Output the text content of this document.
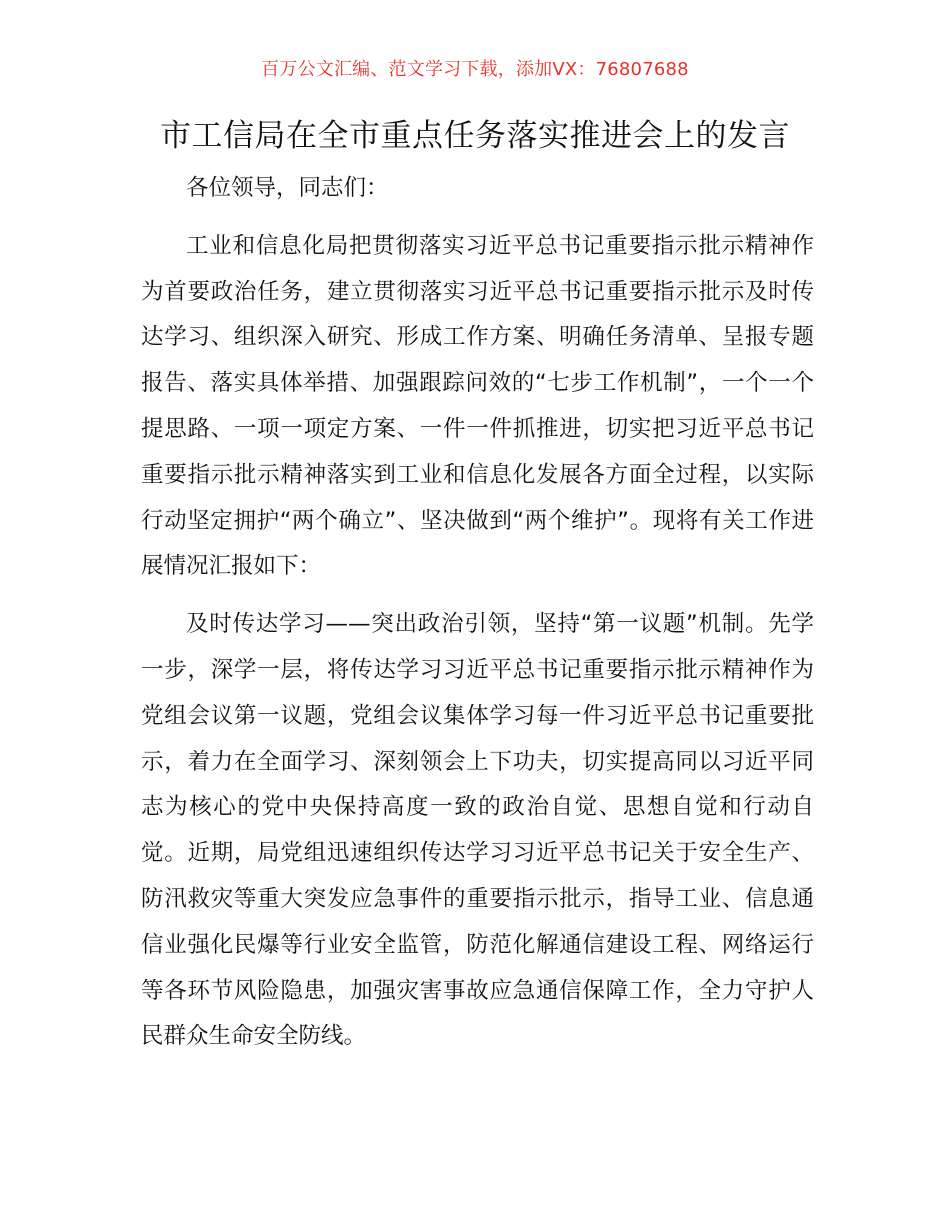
百万公文汇编、范文学习下载，添加VX：76807688
市工信局在全市重点任务落实推进会上的发言

各位领导，同志们：

工业和信息化局把贯彻落实习近平总书记重要指示批示精神作为首要政治任务，建立贯彻落实习近平总书记重要指示批示及时传达学习、组织深入研究、形成工作方案、明确任务清单、呈报专题报告、落实具体举措、加强跟踪问效的“七步工作机制”，一个一个提思路、一项一项定方案、一件一件抓推进，切实把习近平总书记重要指示批示精神落实到工业和信息化发展各方面全过程，以实际行动坚定拥护“两个确立”、坚决做到“两个维护”。现将有关工作进展情况汇报如下：

及时传达学习——突出政治引领，坚持“第一议题”机制。先学一步，深学一层，将传达学习习近平总书记重要指示批示精神作为党组会议第一议题，党组会议集体学习每一件习近平总书记重要批示，着力在全面学习、深刻领会上下功夫，切实提高同以习近平同志为核心的党中央保持高度一致的政治自觉、思想自觉和行动自觉。近期，局党组迅速组织传达学习习近平总书记关于安全生产、防汛救灾等重大突发应急事件的重要指示批示，指导工业、信息通信业强化民爆等行业安全监管，防范化解通信建设工程、网络运行等各环节风险隐患，加强灾害事故应急通信保障工作，全力守护人民群众生命安全防线。
